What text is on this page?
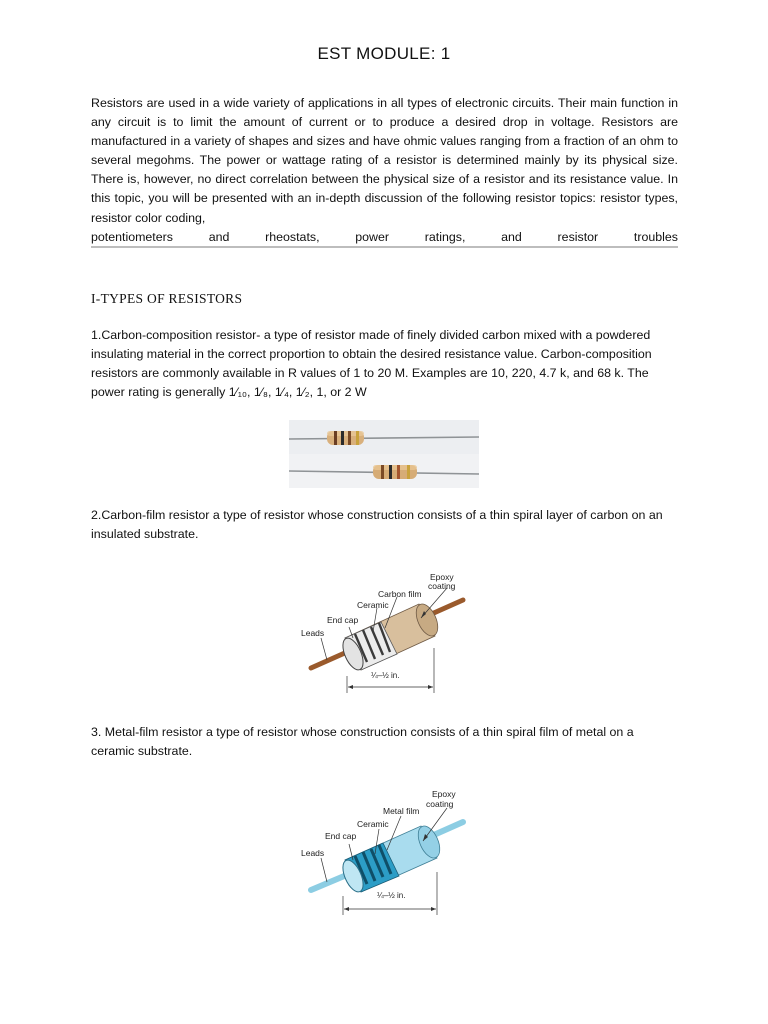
EST MODULE: 1

Resistors are used in a wide variety of applications in all types of electronic circuits. Their main function in any circuit is to limit the amount of current or to produce a desired drop in voltage. Resistors are manufactured in a variety of shapes and sizes and have ohmic values ranging from a fraction of an ohm to several megohms. The power or wattage rating of a resistor is determined mainly by its physical size. There is, however, no direct correlation between the physical size of a resistor and its resistance value. In this topic, you will be presented with an in-depth discussion of the following resistor topics: resistor types, resistor color coding,
potentiometers and rheostats, power ratings, and resistor troubles

I-TYPES OF RESISTORS

1.Carbon-composition resistor- a type of resistor made of finely divided carbon mixed with a powdered insulating material in the correct proportion to obtain the desired resistance value. Carbon-composition resistors are commonly available in R values of 1 to 20 M. Examples are 10, 220, 4.7 k, and 68 k. The power rating is generally 1⁄₁₀, 1⁄₈, 1⁄₄, 1⁄₂, 1, or 2 W

2.Carbon-film resistor a type of resistor whose construction consists of a thin spiral layer of carbon on an insulated substrate.

Epoxy
coating
Carbon film
Ceramic
End cap
Leads
¼–½ in.

3. Metal-film resistor a type of resistor whose construction consists of a thin spiral film of metal on a ceramic substrate.

Epoxy
coating
Metal film
Ceramic
End cap
Leads
¼–½ in.
